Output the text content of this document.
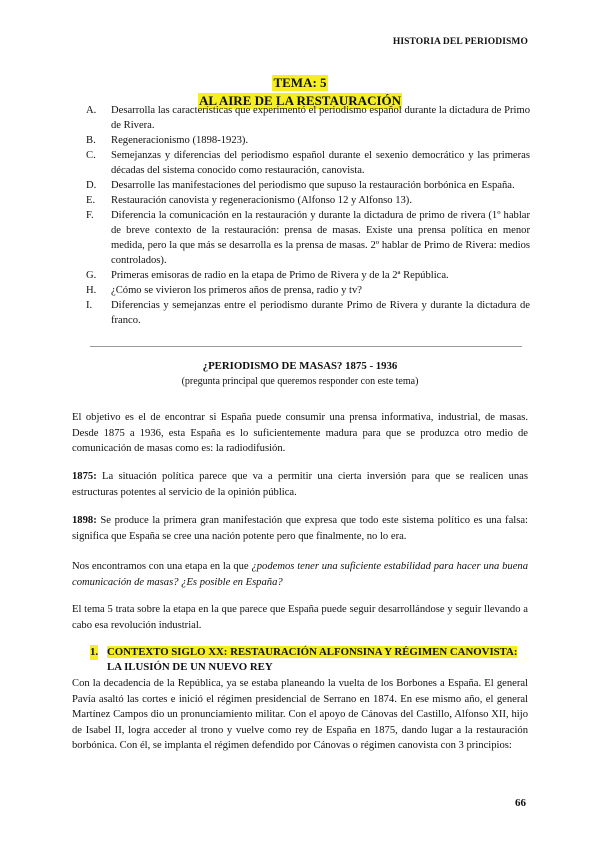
HISTORIA DEL PERIODISMO
TEMA: 5
AL AIRE DE LA RESTAURACIÓN
A. Desarrolla las características que experimentó el periodismo español durante la dictadura de Primo de Rivera.
B. Regeneracionismo (1898-1923).
C. Semejanzas y diferencias del periodismo español durante el sexenio democrático y las primeras décadas del sistema conocido como restauración, canovista.
D. Desarrolle las manifestaciones del periodismo que supuso la restauración borbónica en España.
E. Restauración canovista y regeneracionismo (Alfonso 12 y Alfonso 13).
F. Diferencia la comunicación en la restauración y durante la dictadura de primo de rivera (1º hablar de breve contexto de la restauración: prensa de masas. Existe una prensa política en menor medida, pero la que más se desarrolla es la prensa de masas. 2º hablar de Primo de Rivera: medios controlados).
G. Primeras emisoras de radio en la etapa de Primo de Rivera y de la 2ª República.
H. ¿Cómo se vivieron los primeros años de prensa, radio y tv?
I. Diferencias y semejanzas entre el periodismo durante Primo de Rivera y durante la dictadura de franco.
¿PERIODISMO DE MASAS? 1875 - 1936
(pregunta principal que queremos responder con este tema)

El objetivo es el de encontrar si España puede consumir una prensa informativa, industrial, de masas. Desde 1875 a 1936, esta España es lo suficientemente madura para que se produzca otro medio de comunicación de masas como es: la radiodifusión.

1875: La situación política parece que va a permitir una cierta inversión para que se realicen unas estructuras potentes al servicio de la opinión pública.

1898: Se produce la primera gran manifestación que expresa que todo este sistema político es una falsa: significa que España se cree una nación potente pero que finalmente, no lo era.

Nos encontramos con una etapa en la que ¿podemos tener una suficiente estabilidad para hacer una buena comunicación de masas? ¿Es posible en España?

El tema 5 trata sobre la etapa en la que parece que España puede seguir desarrollándose y seguir llevando a cabo esa revolución industrial.

1. CONTEXTO SIGLO XX: RESTAURACIÓN ALFONSINA Y RÉGIMEN CANOVISTA: LA ILUSIÓN DE UN NUEVO REY

Con la decadencia de la República, ya se estaba planeando la vuelta de los Borbones a España. El general Pavía asaltó las cortes e inició el régimen presidencial de Serrano en 1874. En ese mismo año, el general Martínez Campos dio un pronunciamiento militar. Con el apoyo de Cánovas del Castillo, Alfonso XII, hijo de Isabel II, logra acceder al trono y vuelve como rey de España en 1875, dando lugar a la restauración borbónica. Con él, se implanta el régimen defendido por Cánovas o régimen canovista con 3 principios:

66
